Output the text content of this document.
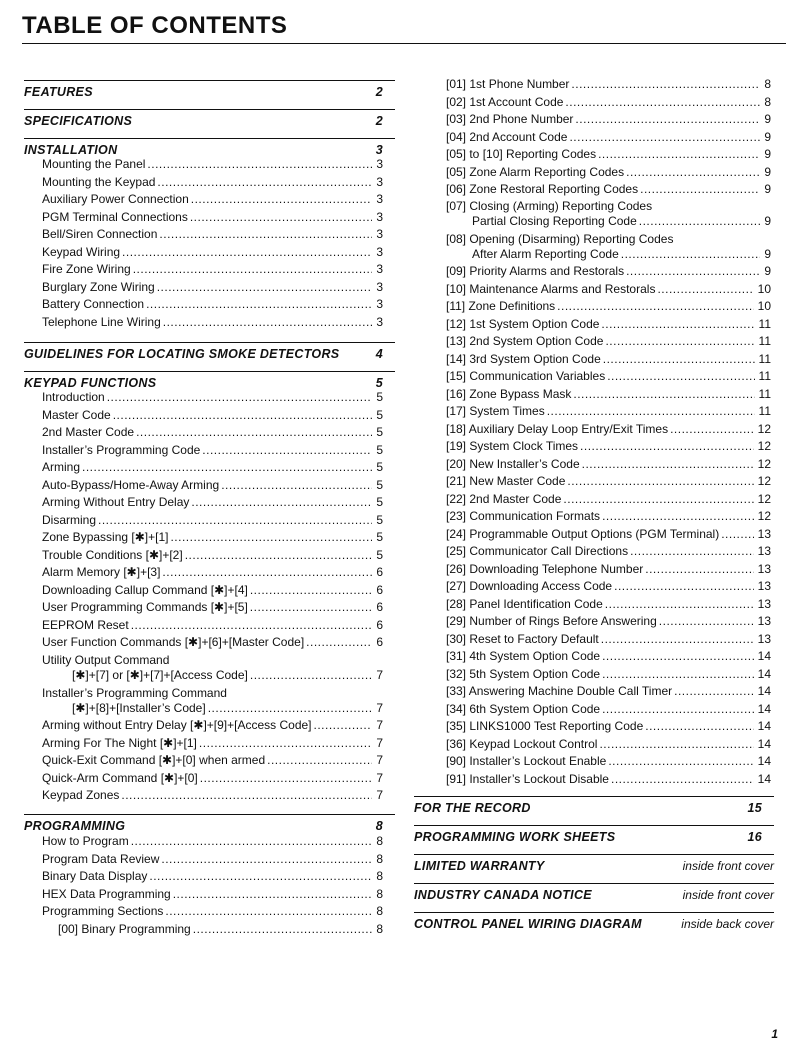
TABLE OF CONTENTS
FEATURES	2
SPECIFICATIONS	2
INSTALLATION	3
Mounting the Panel .....	3
Mounting the Keypad .....	3
Auxiliary Power Connection .....	3
PGM Terminal Connections .....	3
Bell/Siren Connection .....	3
Keypad Wiring .....	3
Fire Zone Wiring .....	3
Burglary Zone Wiring .....	3
Battery Connection .....	3
Telephone Line Wiring .....	3
GUIDELINES FOR LOCATING SMOKE DETECTORS	4
KEYPAD FUNCTIONS	5
Introduction .....	5
Master Code .....	5
2nd Master Code .....	5
Installer’s Programming Code .....	5
Arming .....	5
Auto-Bypass/Home-Away Arming .....	5
Arming Without Entry Delay .....	5
Disarming .....	5
Zone Bypassing [✱]+[1] .....	5
Trouble Conditions [✱]+[2] .....	5
Alarm Memory [✱]+[3] .....	6
Downloading Callup Command [✱]+[4] .....	6
User Programming Commands [✱]+[5] .....	6
EEPROM Reset .....	6
User Function Commands [✱]+[6]+[Master Code] .....	6
Utility Output Command
[✱]+[7] or [✱]+[7]+[Access Code] .....	7
Installer’s Programming Command
[✱]+[8]+[Installer’s Code] .....	7
Arming without Entry Delay [✱]+[9]+[Access Code] .....	7
Arming For The Night [✱]+[1] .....	7
Quick-Exit Command [✱]+[0] when armed .....	7
Quick-Arm Command [✱]+[0] .....	7
Keypad Zones .....	7
PROGRAMMING	8
How to Program .....	8
Program Data Review .....	8
Binary Data Display .....	8
HEX Data Programming .....	8
Programming Sections .....	8
[00] Binary Programming .....	8
[01] 1st Phone Number .....	8
[02] 1st Account Code .....	8
[03] 2nd Phone Number .....	9
[04] 2nd Account Code .....	9
[05] to [10] Reporting Codes .....	9
[05] Zone Alarm Reporting Codes .....	9
[06] Zone Restoral Reporting Codes .....	9
[07] Closing (Arming) Reporting Codes
Partial Closing Reporting Code .....	9
[08] Opening (Disarming) Reporting Codes
After Alarm Reporting Code .....	9
[09] Priority Alarms and Restorals .....	9
[10] Maintenance Alarms and Restorals .....	10
[11] Zone Definitions .....	10
[12] 1st System Option Code .....	11
[13] 2nd System Option Code .....	11
[14] 3rd System Option Code .....	11
[15] Communication Variables .....	11
[16] Zone Bypass Mask .....	11
[17] System Times .....	11
[18] Auxiliary Delay Loop Entry/Exit Times .....	12
[19] System Clock Times .....	12
[20] New Installer’s Code .....	12
[21] New Master Code .....	12
[22] 2nd Master Code .....	12
[23] Communication Formats .....	12
[24] Programmable Output Options (PGM Terminal) .....	13
[25] Communicator Call Directions .....	13
[26] Downloading Telephone Number .....	13
[27] Downloading Access Code .....	13
[28] Panel Identification Code .....	13
[29] Number of Rings Before Answering .....	13
[30] Reset to Factory Default .....	13
[31] 4th System Option Code .....	14
[32] 5th System Option Code .....	14
[33] Answering Machine Double Call Timer .....	14
[34] 6th System Option Code .....	14
[35] LINKS1000 Test Reporting Code .....	14
[36] Keypad Lockout Control .....	14
[90] Installer’s Lockout Enable .....	14
[91] Installer’s Lockout Disable .....	14
FOR THE RECORD	15
PROGRAMMING WORK SHEETS	16
LIMITED WARRANTY	inside front cover
INDUSTRY CANADA NOTICE	inside front cover
CONTROL PANEL WIRING DIAGRAM	inside back cover
1
